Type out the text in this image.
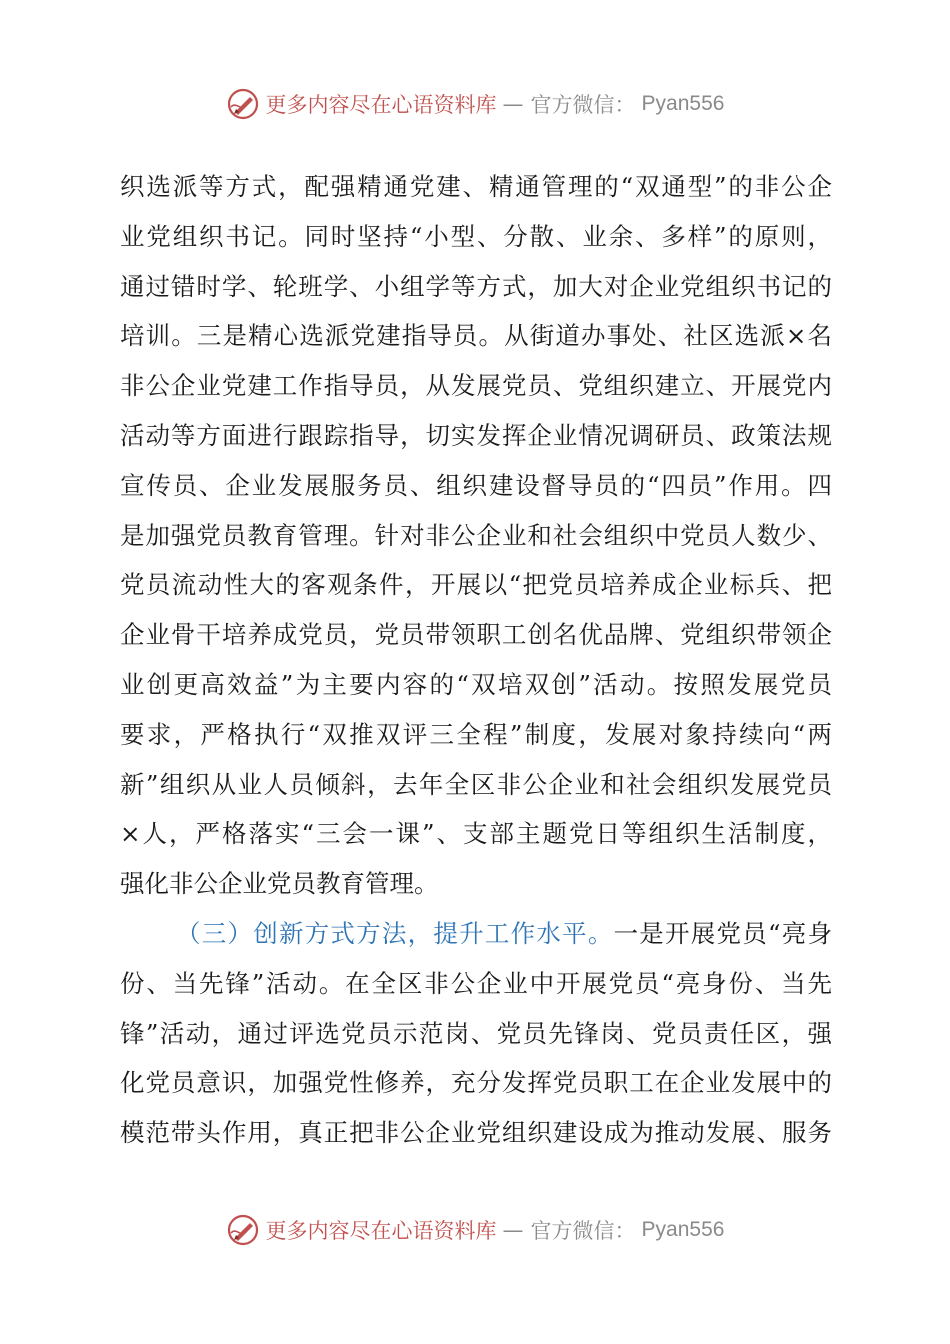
更多内容尽在心语资料库 — 官方微信： Pyan556
织选派等方式，配强精通党建、精通管理的“双通型”的非公企
业党组织书记。同时坚持“小型、分散、业余、多样”的原则，
通过错时学、轮班学、小组学等方式，加大对企业党组织书记的
培训。三是精心选派党建指导员。从街道办事处、社区选派×名
非公企业党建工作指导员，从发展党员、党组织建立、开展党内
活动等方面进行跟踪指导，切实发挥企业情况调研员、政策法规
宣传员、企业发展服务员、组织建设督导员的“四员”作用。四
是加强党员教育管理。针对非公企业和社会组织中党员人数少、
党员流动性大的客观条件，开展以“把党员培养成企业标兵、把
企业骨干培养成党员，党员带领职工创名优品牌、党组织带领企
业创更高效益”为主要内容的“双培双创”活动。按照发展党员
要求，严格执行“双推双评三全程”制度，发展对象持续向“两
新”组织从业人员倾斜，去年全区非公企业和社会组织发展党员
×人，严格落实“三会一课”、支部主题党日等组织生活制度，
强化非公企业党员教育管理。
（三）创新方式方法，提升工作水平。一是开展党员“亮身
份、当先锋”活动。在全区非公企业中开展党员“亮身份、当先
锋”活动，通过评选党员示范岗、党员先锋岗、党员责任区，强
化党员意识，加强党性修养，充分发挥党员职工在企业发展中的
模范带头作用，真正把非公企业党组织建设成为推动发展、服务
更多内容尽在心语资料库 — 官方微信： Pyan556
